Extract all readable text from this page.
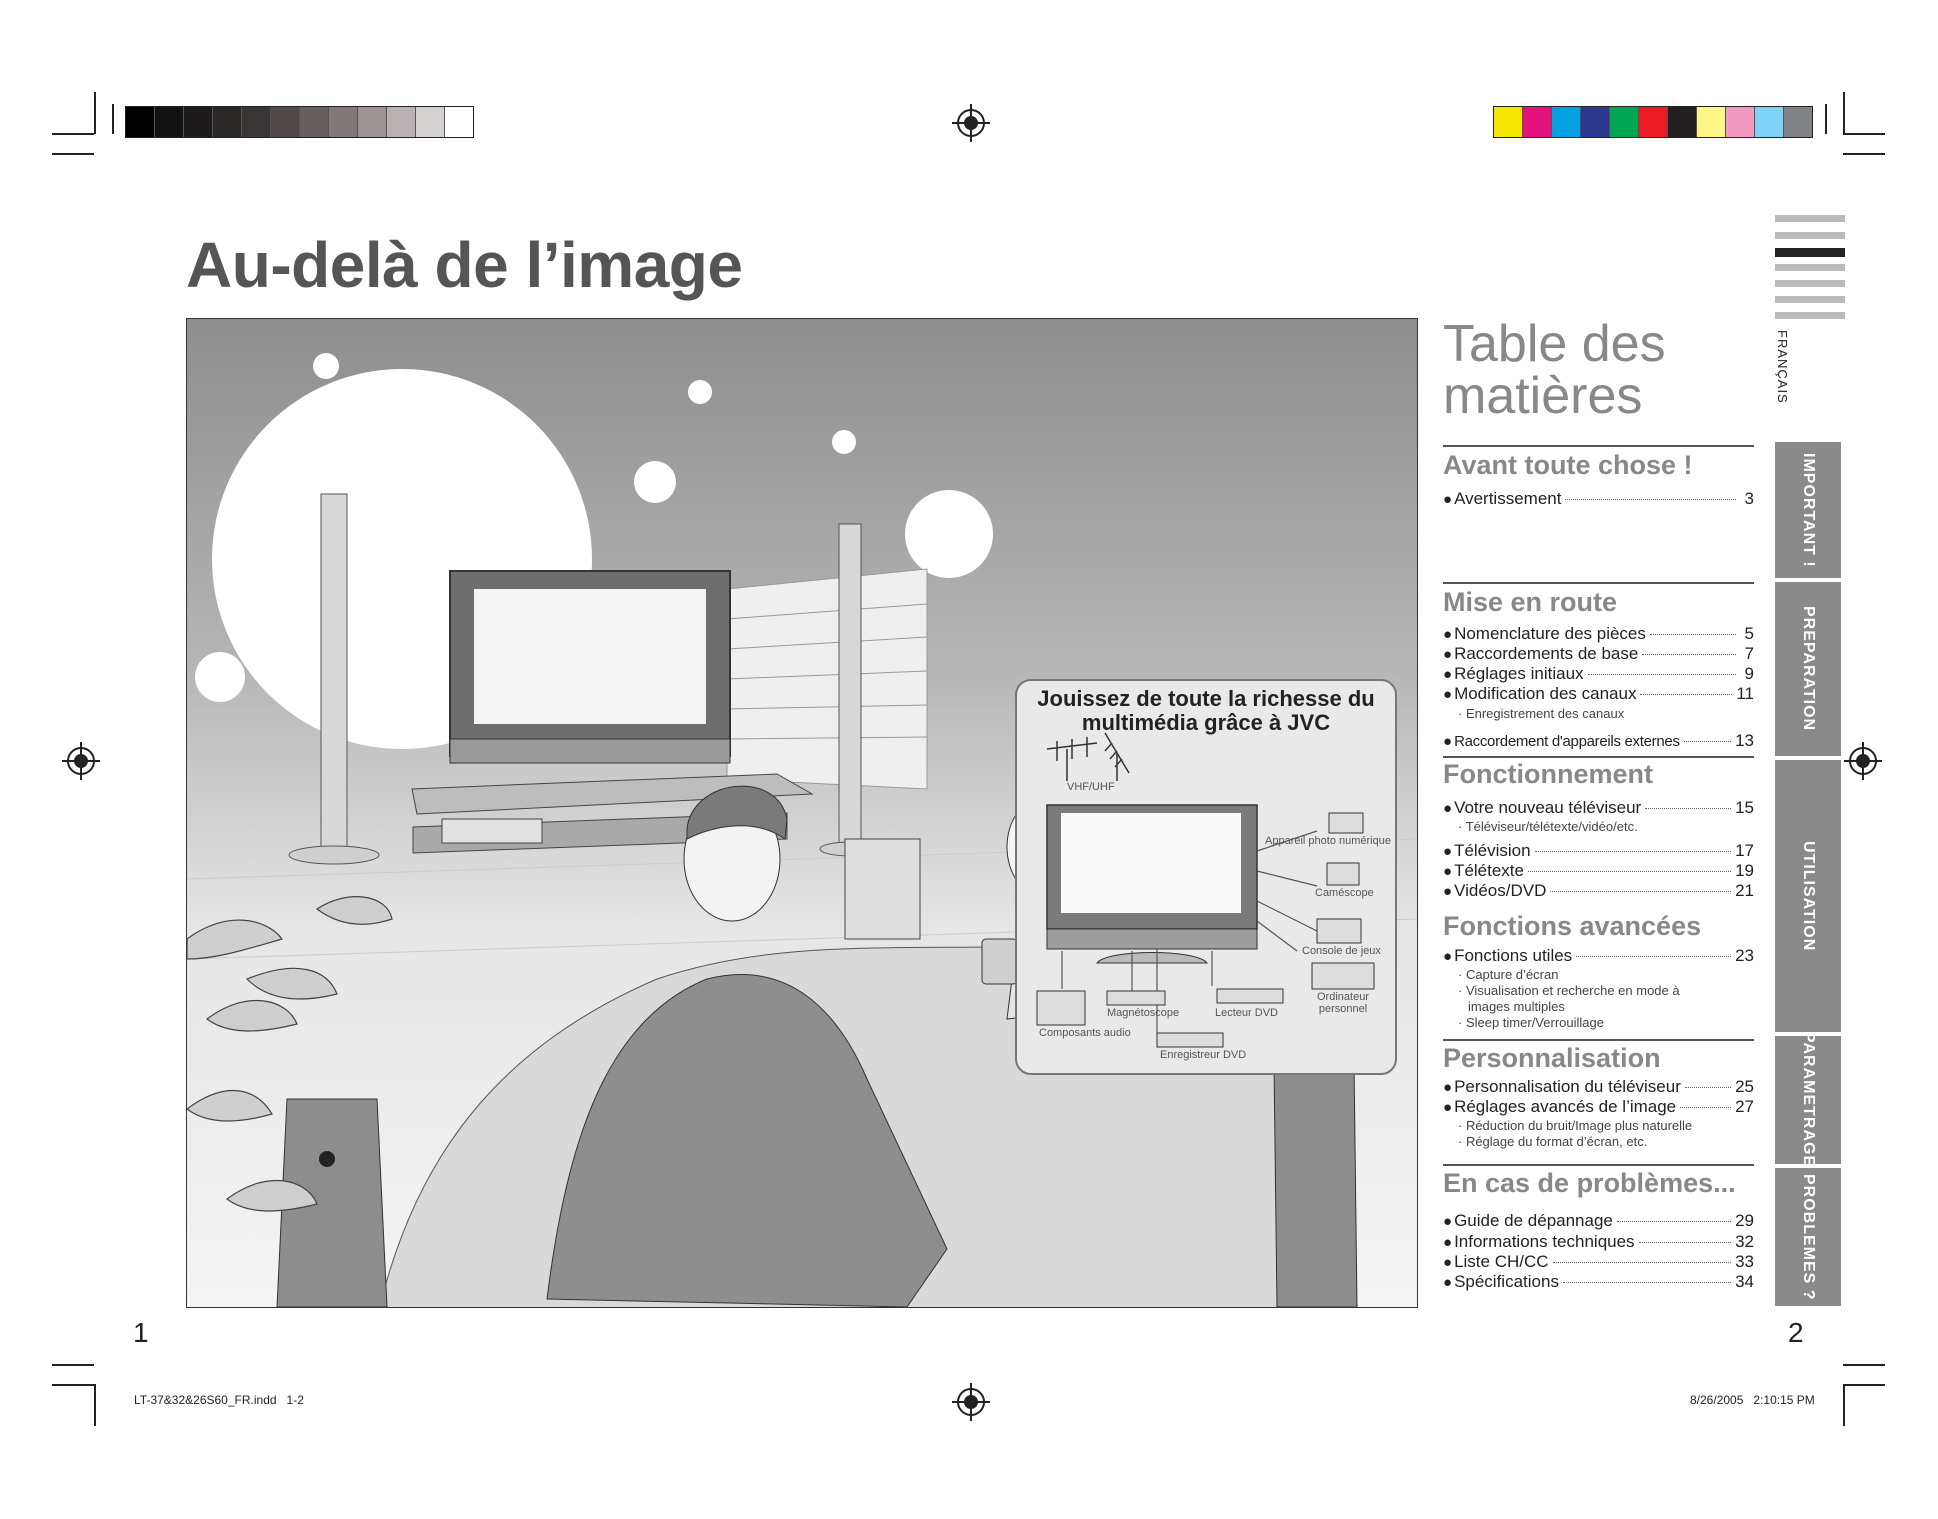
Au-delà de l’image
Jouissez de toute la richesse du
multimédia grâce à JVC
VHF/UHF
Appareil photo numérique
Caméscope
Console de jeux
Ordinateur
personnel
Composants audio
Magnétoscope	Lecteur DVD
Enregistreur DVD
Table des
matières
Avant toute chose !
● Avertissement	3
Mise en route
● Nomenclature des pièces	5
● Raccordements de base	7
● Réglages initiaux	9
● Modification des canaux	11
· Enregistrement des canaux
● Raccordement d'appareils externes	13
Fonctionnement
● Votre nouveau téléviseur	15
· Téléviseur/télétexte/vidéo/etc.
● Télévision	17
● Télétexte	19
● Vidéos/DVD	21
Fonctions avancées
● Fonctions utiles	23
· Capture d’écran
· Visualisation et recherche en mode à
images multiples
· Sleep timer/Verrouillage
Personnalisation
● Personnalisation du téléviseur	25
● Réglages avancés de l’image	27
· Réduction du bruit/Image plus naturelle
· Réglage du format d’écran, etc.
En cas de problèmes...
● Guide de dépannage	29
● Informations techniques	32
● Liste CH/CC	33
● Spécifications	34
FRANÇAIS
IMPORTANT !
PREPARATION
UTILISATION
PARAMETRAGE
PROBLEMES ?
1	2
LT-37&32&26S60_FR.indd   1-2	8/26/2005   2:10:15 PM
